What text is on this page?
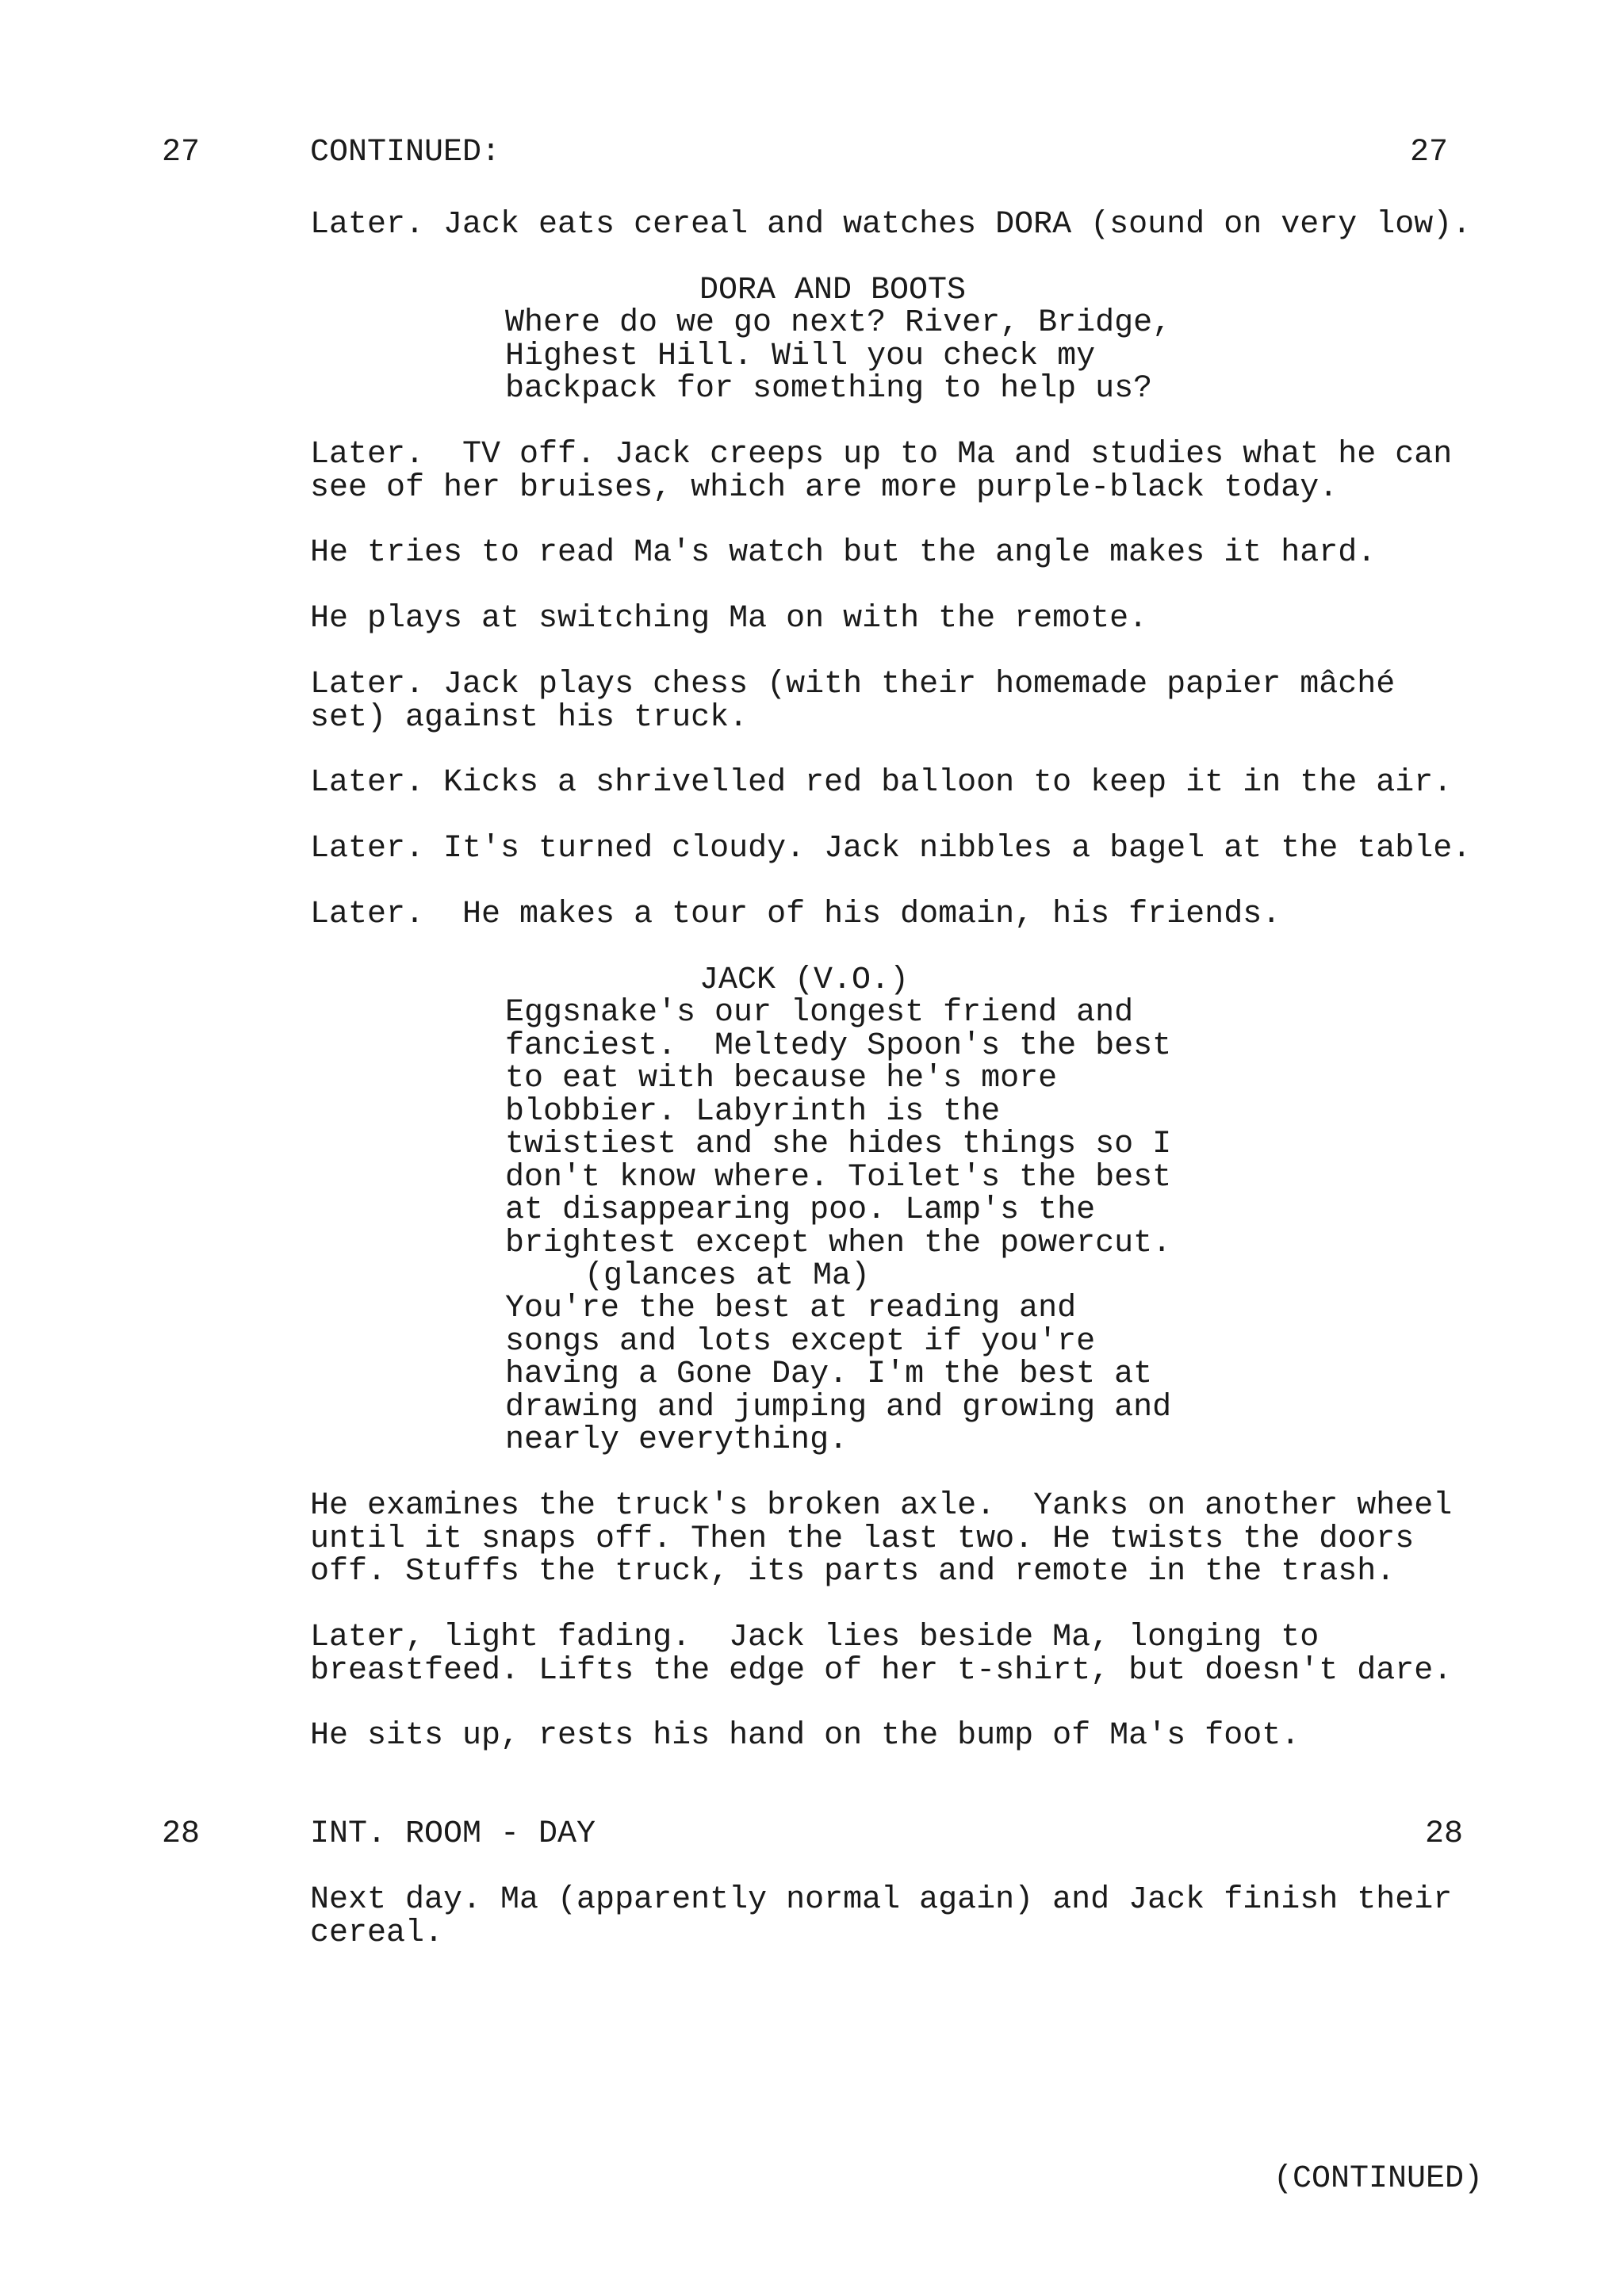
27	CONTINUED:	27
Later. Jack eats cereal and watches DORA (sound on very low).
DORA AND BOOTS
Where do we go next? River, Bridge,
Highest Hill. Will you check my
backpack for something to help us?
Later.  TV off. Jack creeps up to Ma and studies what he can
see of her bruises, which are more purple-black today.
He tries to read Ma's watch but the angle makes it hard.
He plays at switching Ma on with the remote.
Later. Jack plays chess (with their homemade papier mâché
set) against his truck.
Later. Kicks a shrivelled red balloon to keep it in the air.
Later. It's turned cloudy. Jack nibbles a bagel at the table.
Later.  He makes a tour of his domain, his friends.
JACK (V.O.)
Eggsnake's our longest friend and
fanciest.  Meltedy Spoon's the best
to eat with because he's more
blobbier. Labyrinth is the
twistiest and she hides things so I
don't know where. Toilet's the best
at disappearing poo. Lamp's the
brightest except when the powercut.
(glances at Ma)
You're the best at reading and
songs and lots except if you're
having a Gone Day. I'm the best at
drawing and jumping and growing and
nearly everything.
He examines the truck's broken axle.  Yanks on another wheel
until it snaps off. Then the last two. He twists the doors
off. Stuffs the truck, its parts and remote in the trash.
Later, light fading.  Jack lies beside Ma, longing to
breastfeed. Lifts the edge of her t-shirt, but doesn't dare.
He sits up, rests his hand on the bump of Ma's foot.
28	INT. ROOM - DAY	28
Next day. Ma (apparently normal again) and Jack finish their
cereal.
(CONTINUED)
